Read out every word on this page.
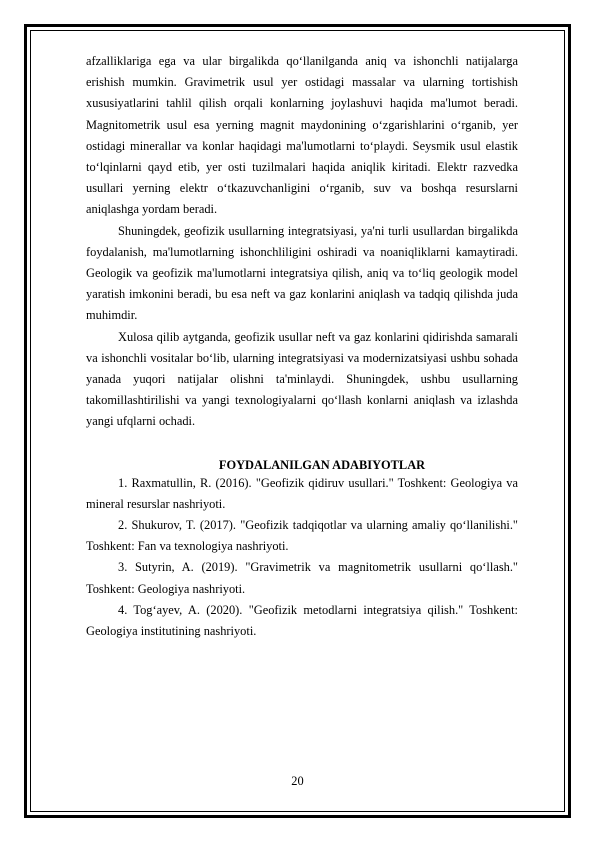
afzalliklariga ega va ular birgalikda qo‘llanilganda aniq va ishonchli natijalarga erishish mumkin. Gravimetrik usul yer ostidagi massalar va ularning tortishish xususiyatlarini tahlil qilish orqali konlarning joylashuvi haqida ma'lumot beradi. Magnitometrik usul esa yerning magnit maydonining o‘zgarishlarini o‘rganib, yer ostidagi minerallar va konlar haqidagi ma'lumotlarni to‘playdi. Seysmik usul elastik to‘lqinlarni qayd etib, yer osti tuzilmalari haqida aniqlik kiritadi. Elektr razvedka usullari yerning elektr o‘tkazuvchanligini o‘rganib, suv va boshqa resurslarni aniqlashga yordam beradi.

Shuningdek, geofizik usullarning integratsiyasi, ya'ni turli usullardan birgalikda foydalanish, ma'lumotlarning ishonchliligini oshiradi va noaniqliklarni kamaytiradi. Geologik va geofizik ma'lumotlarni integratsiya qilish, aniq va to‘liq geologik model yaratish imkonini beradi, bu esa neft va gaz konlarini aniqlash va tadqiq qilishda juda muhimdir.

Xulosa qilib aytganda, geofizik usullar neft va gaz konlarini qidirishda samarali va ishonchli vositalar bo‘lib, ularning integratsiyasi va modernizatsiyasi ushbu sohada yanada yuqori natijalar olishni ta'minlaydi. Shuningdek, ushbu usullarning takomillashtirilishi va yangi texnologiyalarni qo‘llash konlarni aniqlash va izlashda yangi ufqlarni ochadi.

FOYDALANILGAN ADABIYOTLAR

1. Raxmatullin, R. (2016). "Geofizik qidiruv usullari." Toshkent: Geologiya va mineral resurslar nashriyoti.

2. Shukurov, T. (2017). "Geofizik tadqiqotlar va ularning amaliy qo‘llanilishi." Toshkent: Fan va texnologiya nashriyoti.

3. Sutyrin, A. (2019). "Gravimetrik va magnitometrik usullarni qo‘llash." Toshkent: Geologiya nashriyoti.

4. Tog‘ayev, A. (2020). "Geofizik metodlarni integratsiya qilish." Toshkent: Geologiya institutining nashriyoti.

20
